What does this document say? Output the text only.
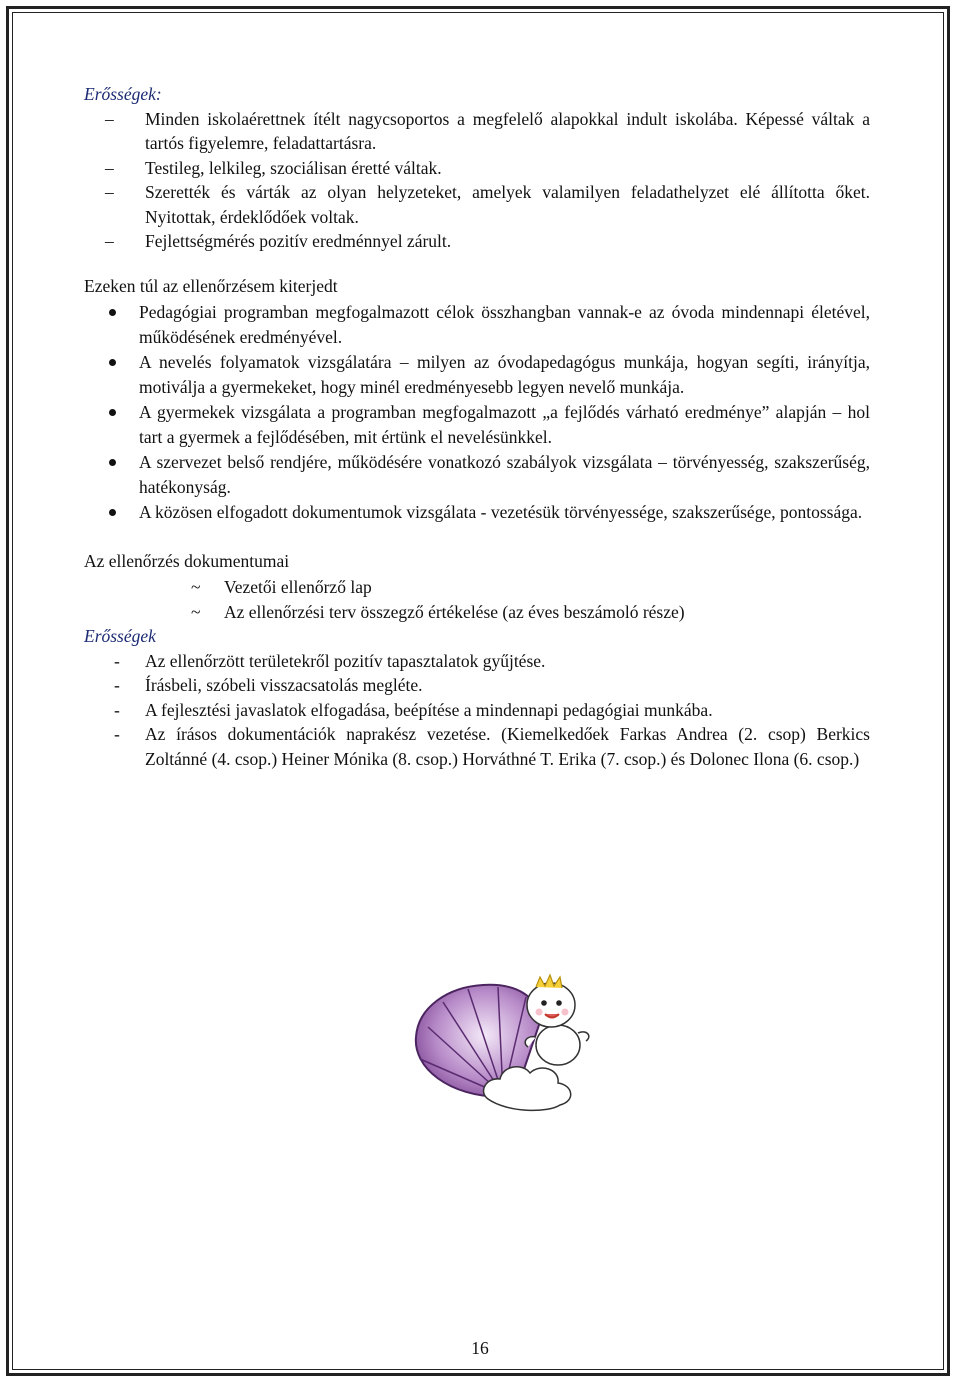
Erősségek:
– Minden iskolaérettnek ítélt nagycsoportos a megfelelő alapokkal indult iskolába. Képessé váltak a tartós figyelemre, feladattartásra.
– Testileg, lelkileg, szociálisan éretté váltak.
– Szerették és várták az olyan helyzeteket, amelyek valamilyen feladathelyzet elé állította őket. Nyitottak, érdeklődőek voltak.
– Fejlettségmérés pozitív eredménnyel zárult.

Ezeken túl az ellenőrzésem kiterjedt

Pedagógiai programban megfogalmazott célok összhangban vannak-e az óvoda mindennapi életével, működésének eredményével.
A nevelés folyamatok vizsgálatára – milyen az óvodapedagógus munkája, hogyan segíti, irányítja, motiválja a gyermekeket, hogy minél eredményesebb legyen nevelő munkája.
A gyermekek vizsgálata a programban megfogalmazott „a fejlődés várható eredménye” alapján – hol tart a gyermek a fejlődésében, mit értünk el nevelésünkkel.
A szervezet belső rendjére, működésére vonatkozó szabályok vizsgálata – törvényesség, szakszerűség, hatékonyság.
A közösen elfogadott dokumentumok vizsgálata - vezetésük törvényessége, szakszerűsége, pontossága.

Az ellenőrzés dokumentumai

~ Vezetői ellenőrző lap
~ Az ellenőrzési terv összegző értékelése (az éves beszámoló része)
Erősségek
- Az ellenőrzött területekről pozitív tapasztalatok gyűjtése.
- Írásbeli, szóbeli visszacsatolás megléte.
- A fejlesztési javaslatok elfogadása, beépítése a mindennapi pedagógiai munkába.
- Az írásos dokumentációk naprakész vezetése. (Kiemelkedőek Farkas Andrea (2. csop) Berkics Zoltánné (4. csop.) Heiner Mónika (8. csop.) Horváthné T. Erika (7. csop.) és Dolonec Ilona (6. csop.)
16
